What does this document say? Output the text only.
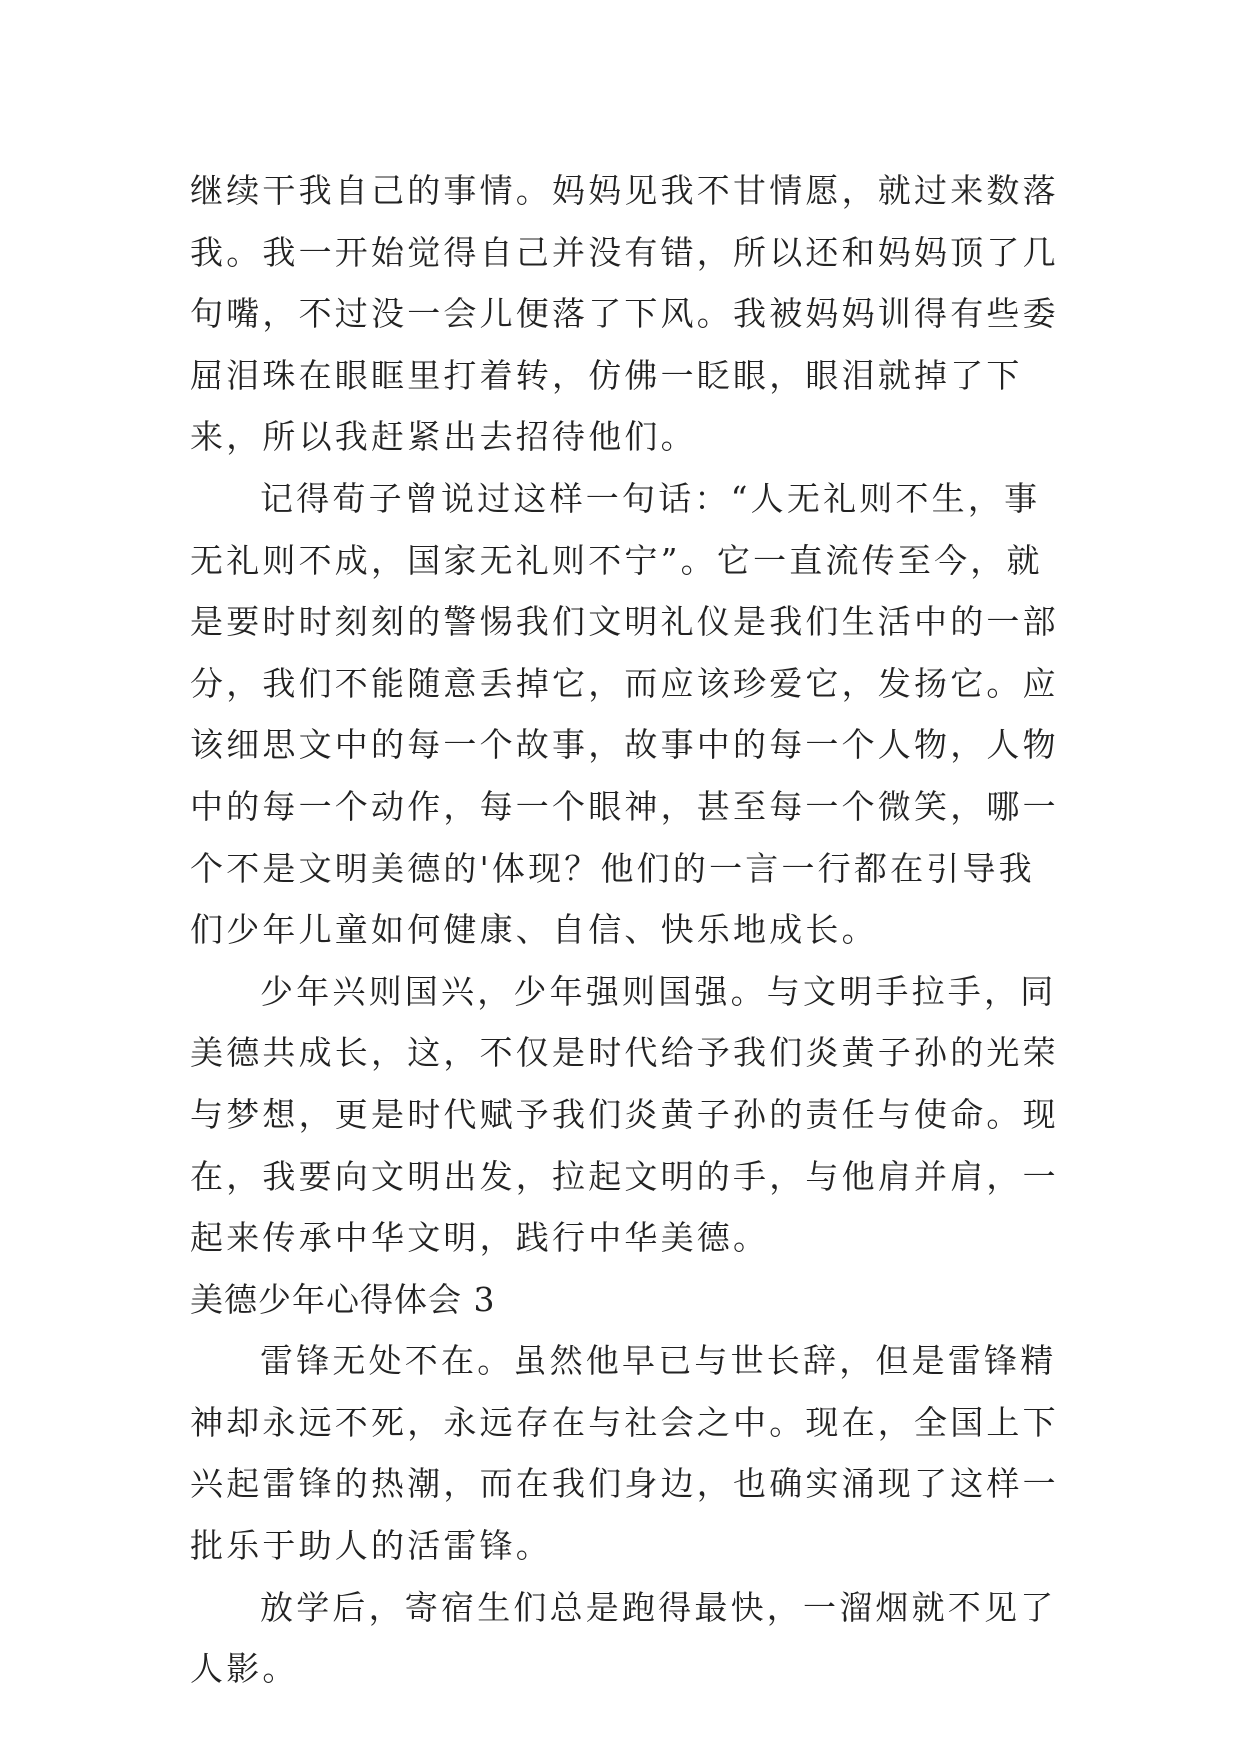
继续干我自己的事情。妈妈见我不甘情愿，就过来数落我。我一开始觉得自己并没有错，所以还和妈妈顶了几句嘴，不过没一会儿便落了下风。我被妈妈训得有些委屈泪珠在眼眶里打着转，仿佛一眨眼，眼泪就掉了下来，所以我赶紧出去招待他们。

记得荀子曾说过这样一句话：“人无礼则不生，事无礼则不成，国家无礼则不宁”。它一直流传至今，就是要时时刻刻的警惕我们文明礼仪是我们生活中的一部分，我们不能随意丢掉它，而应该珍爱它，发扬它。应该细思文中的每一个故事，故事中的每一个人物，人物中的每一个动作，每一个眼神，甚至每一个微笑，哪一个不是文明美德的'体现？他们的一言一行都在引导我们少年儿童如何健康、自信、快乐地成长。

少年兴则国兴，少年强则国强。与文明手拉手，同美德共成长，这，不仅是时代给予我们炎黄子孙的光荣与梦想，更是时代赋予我们炎黄子孙的责任与使命。现在，我要向文明出发，拉起文明的手，与他肩并肩，一起来传承中华文明，践行中华美德。

美德少年心得体会 3

雷锋无处不在。虽然他早已与世长辞，但是雷锋精神却永远不死，永远存在与社会之中。现在，全国上下兴起雷锋的热潮，而在我们身边，也确实涌现了这样一批乐于助人的活雷锋。

放学后，寄宿生们总是跑得最快，一溜烟就不见了人影。
